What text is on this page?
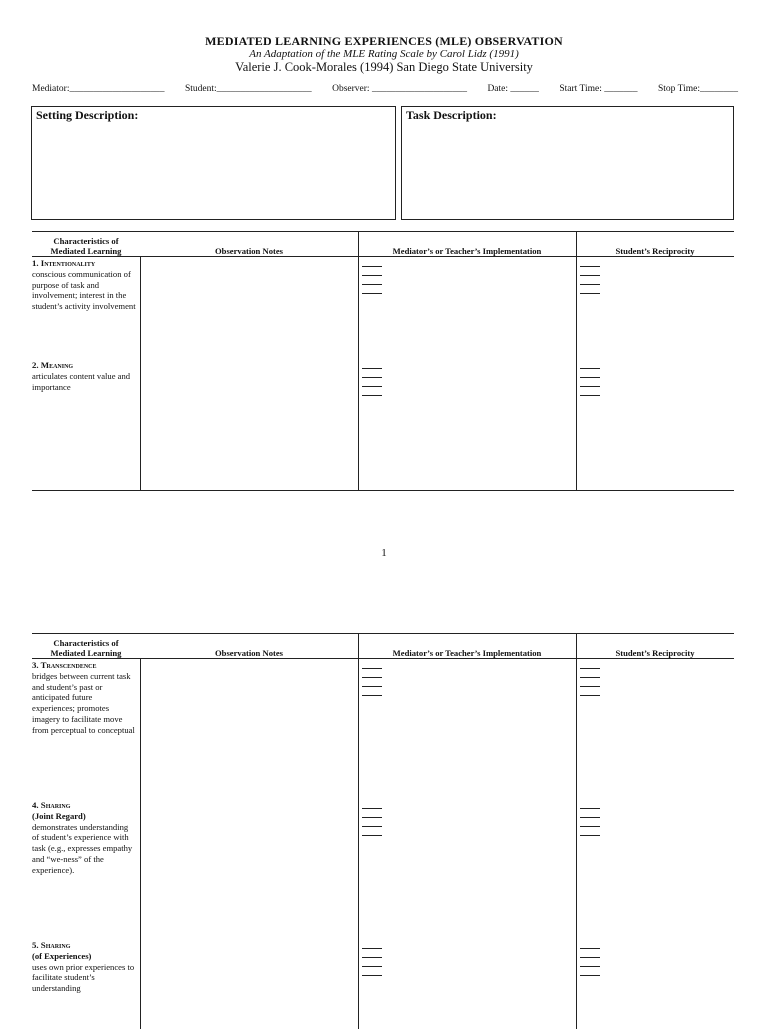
MEDIATED LEARNING EXPERIENCES (MLE) OBSERVATION
An Adaptation of the MLE Rating Scale by Carol Lidz (1991)
Valerie J. Cook-Morales (1994) San Diego State University
Mediator:____________________ Student:____________________ Observer: ____________________ Date: ______ Start Time: _______ Stop Time:________
Setting Description:	Task Description:
Characteristics of
Mediated Learning	Observation Notes	Mediator’s or Teacher’s Implementation	Student’s Reciprocity
1. Intentionality
conscious communication of purpose of task and involvement; interest in the student’s activity involvement
2. Meaning
articulates content value and importance
1
Characteristics of
Mediated Learning	Observation Notes	Mediator’s or Teacher’s Implementation	Student’s Reciprocity
3. Transcendence
bridges between current task and student’s past or anticipated future experiences; promotes imagery to facilitate move from perceptual to conceptual
4. Sharing
(Joint Regard)
demonstrates understanding of student’s experience with task (e.g., expresses empathy and “we-ness” of the experience).
5. Sharing
(of Experiences)
uses own prior experiences to facilitate student’s understanding
